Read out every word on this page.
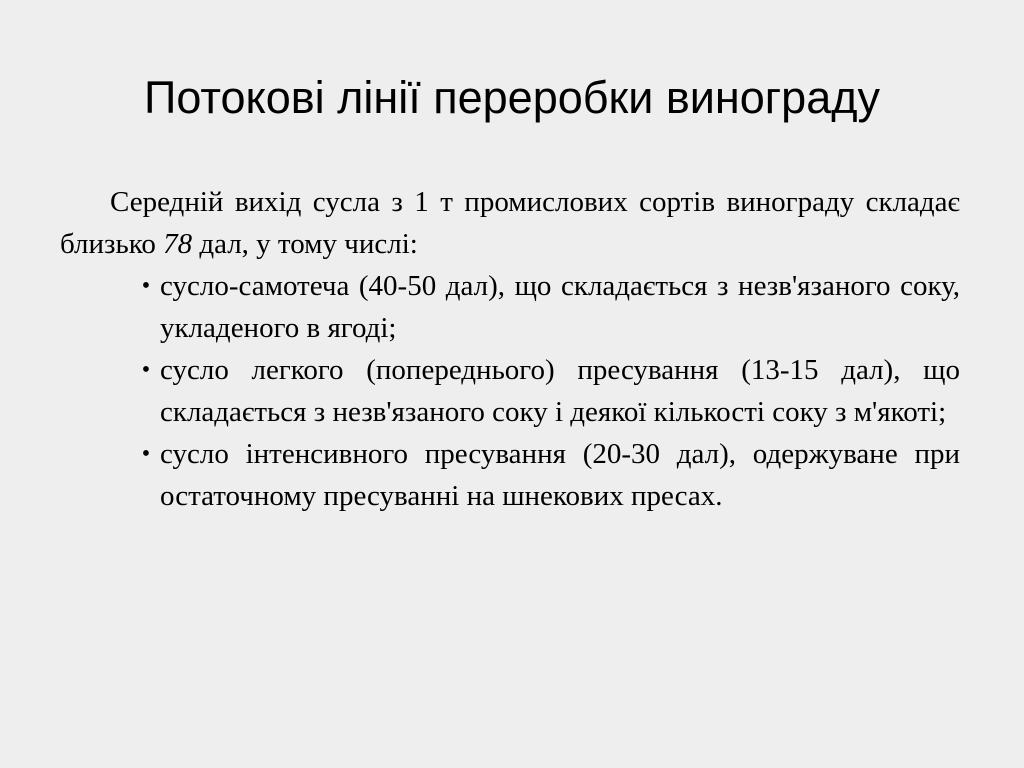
Потокові лінії переробки винограду

Середній вихід сусла з 1 т промислових сортів винограду складає близько 78 дал, у тому числі:

• сусло-самотеча (40-50 дал), що складається з незв'язаного соку, укладеного в ягоді;
• сусло легкого (попереднього) пресування (13-15 дал), що складається з незв'язаного соку і деякої кількості соку з м'якоті;
• сусло інтенсивного пресування (20-30 дал), одержуване при остаточному пресуванні на шнекових пресах.
